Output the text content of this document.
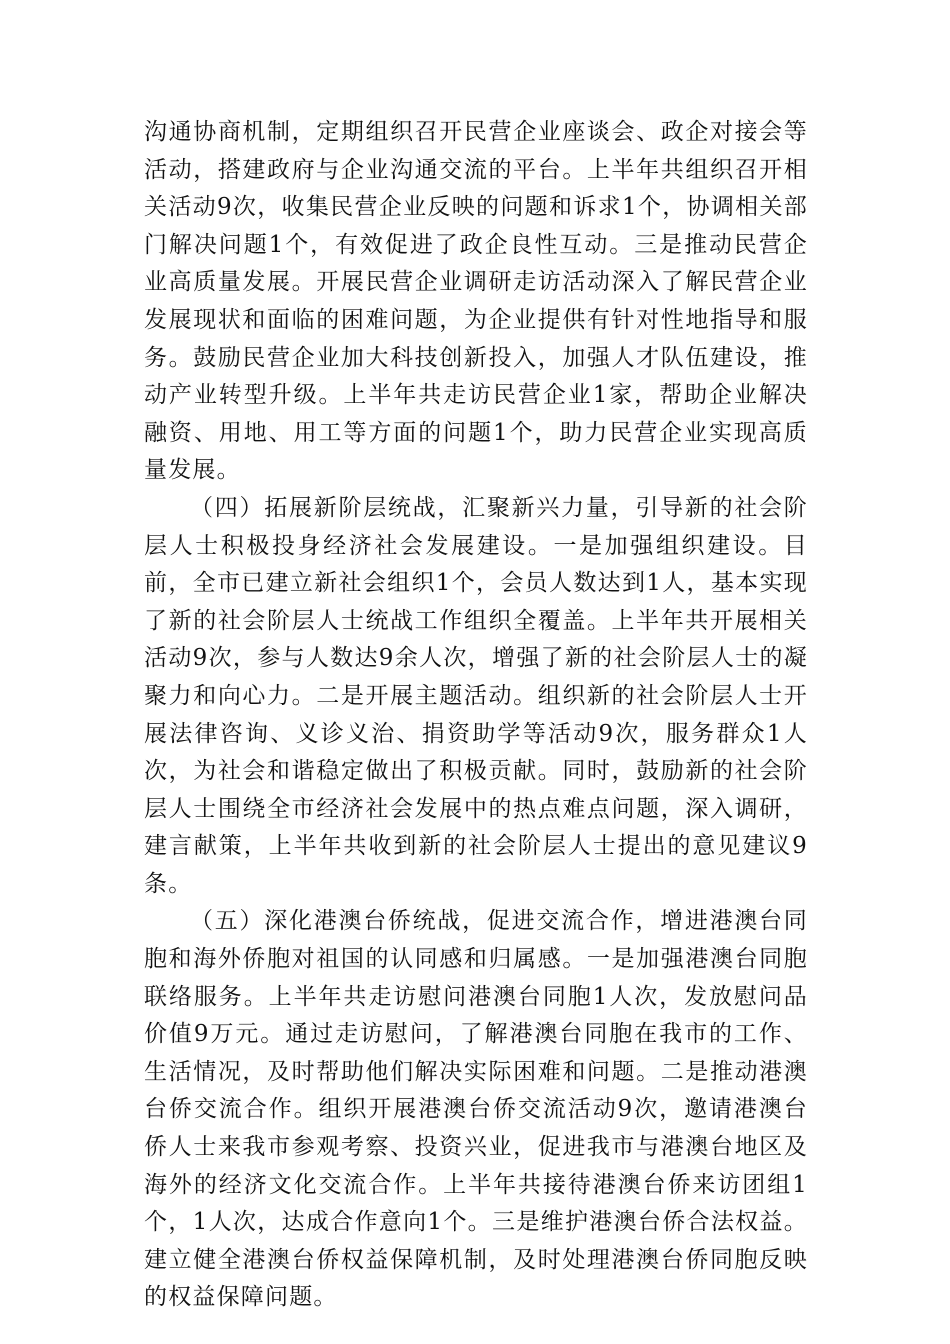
沟通协商机制，定期组织召开民营企业座谈会、政企对接会等活动，搭建政府与企业沟通交流的平台。上半年共组织召开相关活动9次，收集民营企业反映的问题和诉求1个，协调相关部门解决问题1个，有效促进了政企良性互动。三是推动民营企业高质量发展。开展民营企业调研走访活动深入了解民营企业发展现状和面临的困难问题，为企业提供有针对性地指导和服务。鼓励民营企业加大科技创新投入，加强人才队伍建设，推动产业转型升级。上半年共走访民营企业1家，帮助企业解决融资、用地、用工等方面的问题1个，助力民营企业实现高质量发展。

（四）拓展新阶层统战，汇聚新兴力量，引导新的社会阶层人士积极投身经济社会发展建设。一是加强组织建设。目前，全市已建立新社会组织1个，会员人数达到1人，基本实现了新的社会阶层人士统战工作组织全覆盖。上半年共开展相关活动9次，参与人数达9余人次，增强了新的社会阶层人士的凝聚力和向心力。二是开展主题活动。组织新的社会阶层人士开展法律咨询、义诊义治、捐资助学等活动9次，服务群众1人次，为社会和谐稳定做出了积极贡献。同时，鼓励新的社会阶层人士围绕全市经济社会发展中的热点难点问题，深入调研，建言献策，上半年共收到新的社会阶层人士提出的意见建议9条。

（五）深化港澳台侨统战，促进交流合作，增进港澳台同胞和海外侨胞对祖国的认同感和归属感。一是加强港澳台同胞联络服务。上半年共走访慰问港澳台同胞1人次，发放慰问品价值9万元。通过走访慰问，了解港澳台同胞在我市的工作、生活情况，及时帮助他们解决实际困难和问题。二是推动港澳台侨交流合作。组织开展港澳台侨交流活动9次，邀请港澳台侨人士来我市参观考察、投资兴业，促进我市与港澳台地区及海外的经济文化交流合作。上半年共接待港澳台侨来访团组1个，1人次，达成合作意向1个。三是维护港澳台侨合法权益。建立健全港澳台侨权益保障机制，及时处理港澳台侨同胞反映的权益保障问题。
